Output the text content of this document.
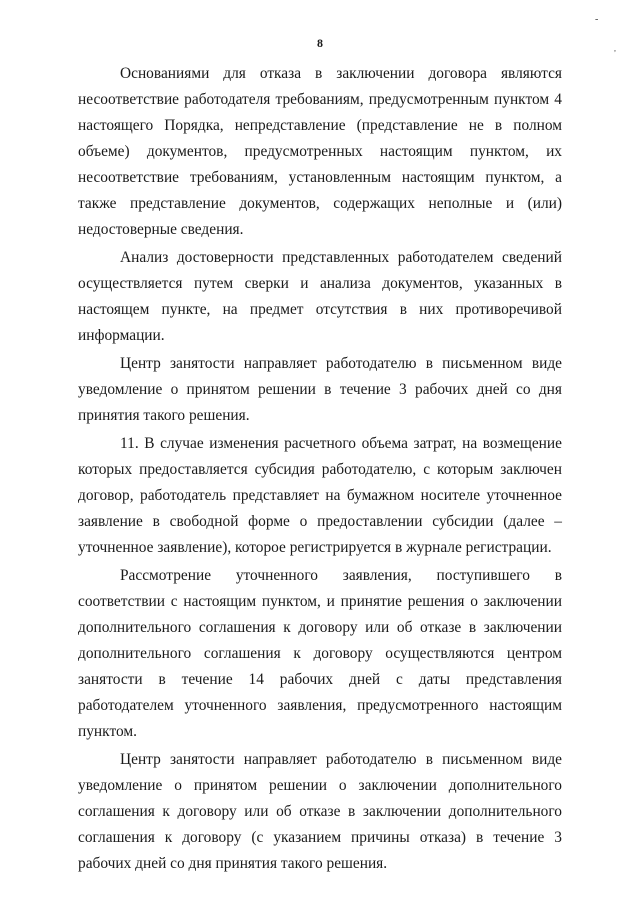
-
,
8

Основаниями для отказа в заключении договора являются несоответствие работодателя требованиям, предусмотренным пунктом 4 настоящего Порядка, непредставление (представление не в полном объеме) документов, предусмотренных настоящим пунктом, их несоответствие требованиям, установленным настоящим пунктом, а также представление документов, содержащих неполные и (или) недостоверные сведения.

Анализ достоверности представленных работодателем сведений осуществляется путем сверки и анализа документов, указанных в настоящем пункте, на предмет отсутствия в них противоречивой информации.

Центр занятости направляет работодателю в письменном виде уведомление о принятом решении в течение 3 рабочих дней со дня принятия такого решения.

11. В случае изменения расчетного объема затрат, на возмещение которых предоставляется субсидия работодателю, с которым заключен договор, работодатель представляет на бумажном носителе уточненное заявление в свободной форме о предоставлении субсидии (далее – уточненное заявление), которое регистрируется в журнале регистрации.

Рассмотрение уточненного заявления, поступившего в соответствии с настоящим пунктом, и принятие решения о заключении дополнительного соглашения к договору или об отказе в заключении дополнительного соглашения к договору осуществляются центром занятости в течение 14 рабочих дней с даты представления работодателем уточненного заявления, предусмотренного настоящим пунктом.

Центр занятости направляет работодателю в письменном виде уведомление о принятом решении о заключении дополнительного соглашения к договору или об отказе в заключении дополнительного соглашения к договору (с указанием причины отказа) в течение 3 рабочих дней со дня принятия такого решения.
